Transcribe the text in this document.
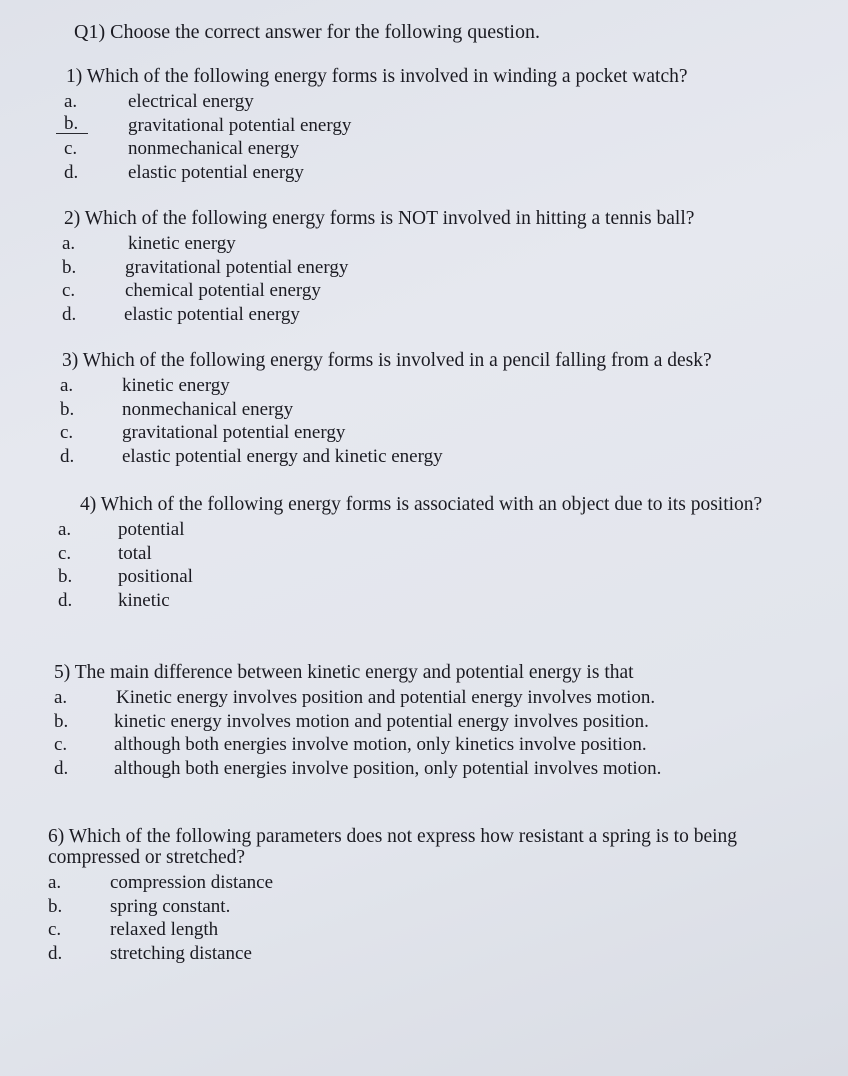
Q1) Choose the correct answer for the following question.
1) Which of the following energy forms is involved in winding a pocket watch?
a.	electrical energy
b.	gravitational potential energy
c.	nonmechanical energy
d.	elastic potential energy
2) Which of the following energy forms is NOT involved in hitting a tennis ball?
a.	kinetic energy
b.	gravitational potential energy
c.	chemical potential energy
d.	elastic potential energy
3) Which of the following energy forms is involved in a pencil falling from a desk?
a.	kinetic energy
b.	nonmechanical energy
c.	gravitational potential energy
d.	elastic potential energy and kinetic energy
4) Which of the following energy forms is associated with an object due to its position?
a. potential
c. total
b. positional
d. kinetic
5) The main difference between kinetic energy and potential energy is that
a.	Kinetic energy involves position and potential energy involves motion.
b. kinetic energy involves motion and potential energy involves position.
c. although both energies involve motion, only kinetics involve position.
d. although both energies involve position, only potential involves motion.
6) Which of the following parameters does not express how resistant a spring is to being compressed or stretched?
a.	compression distance
b.	spring constant.
c.	relaxed length
d.	stretching distance
